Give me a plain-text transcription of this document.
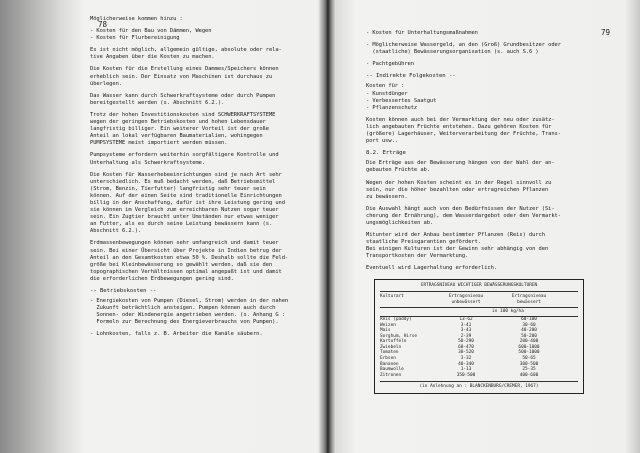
78
Möglicherweise kommen hinzu :
- Kosten für den Bau von Dämmen, Wegen
- Kosten für Flurbereinigung
Es ist nicht möglich, allgemein gültige, absolute oder rela-
tive Angaben über die Kosten zu machen.
Die Kosten für die Erstellung eines Dammes/Speichers können
erheblich sein. Der Einsatz von Maschinen ist durchaus zu
überlegen.
Das Wasser kann durch Schwerkraftsysteme oder durch Pumpen
bereitgestellt werden (s. Abschnitt 6.2.).
Trotz der hohen Investitionskosten sind SCHWERKRAFTSYSTEME
wegen der geringen Betriebskosten und hohen Lebensdauer
langfristig billiger. Ein weiterer Vorteil ist der große
Anteil an lokal verfügbaren Baumaterialien, wohingegen
PUMPSYSTEME meist importiert werden müssen.
Pumpsysteme erfordern weiterhin sorgfältigere Kontrolle und
Unterhaltung als Schwerkraftsysteme.
Die Kosten für Wasserhebeeinrichtungen sind je nach Art sehr
unterschiedlich. Es muß bedacht werden, daß Betriebsmittel
(Strom, Benzin, Tierfutter) langfristig sehr teuer sein
können. Auf der einen Seite sind traditionelle Einrichtungen
billig in der Anschaffung, dafür ist ihre Leistung gering und
sie können im Vergleich zum erreichbaren Nutzen sogar teuer
sein. Ein Zugtier braucht unter Umständen nur etwas weniger
an Futter, als es durch seine Leistung bewässern kann (s.
Abschnitt 6.2.).
Erdmassenbewegungen können sehr umfangreich und damit teuer
sein. Bei einer Übersicht über Projekte in Indien betrug der
Anteil an den Gesamtkosten etwa 50 %. Deshalb sollte die Feld-
größe bei Kleinbewässerung so gewählt werden, daß sie den
topographischen Verhältnissen optimal angepaßt ist und damit
die erforderlichen Erdbewegungen gering sind.
-- Betriebskosten --
- Energiekosten von Pumpen (Diesel, Strom) werden in der nahen
Zukunft beträchtlich ansteigen. Pumpen können auch durch
Sonnen- oder Windenergie angetrieben werden. (s. Anhang G :
Formeln zur Berechnung des Energieverbrauchs von Pumpen).
- Lohnkosten, falls z. B. Arbeiter die Kanäle säubern.
79
- Kosten für Unterhaltungsmaßnahmen
- Möglicherweise Wassergeld, an den (Groß) Grundbesitzer oder
(staatliche) Bewässerungsorganisation (s. auch S.6 )
- Pachtgebühren
-- Indirekte Folgekosten --
Kosten für :
- Kunstdünger
- Verbessertes Saatgut
- Pflanzenschutz
Kosten können auch bei der Vermarktung der neu oder zusätz-
lich angebauten Früchte entstehen. Dazu gehören Kosten für
(größere) Lagerhäuser, Weiterverarbeitung der Früchte, Trans-
port usw..
8.2. Erträge
Die Erträge aus der Bewässerung hängen von der Wahl der an-
gebauten Früchte ab.
Wegen der hohen Kosten scheint es in der Regel sinnvoll zu
sein, nur die höher bezahlten oder ertragreichen Pflanzen
zu bewässern.
Die Auswahl hängt auch von den Bedürfnissen der Nutzer (Si-
cherung der Ernährung), dem Wasserdargebot oder den Vermarkt-
ungsmöglichkeiten ab.
Mitunter wird der Anbau bestimmter Pflanzen (Reis) durch
staatliche Preisgarantien gefördert.
Bei einigen Kulturen ist der Gewinn sehr abhängig von den
Transportkosten der Vermarktung.
Eventuell wird Lagerhaltung erforderlich.
ERTRAGSNIVEAU WICHTIGER BEWÄSSERUNGSKULTUREN
Kulturart	Ertragsniveau
unbewässert
Ertragsniveau
bewässert
in 100 kg/ha
Reis (paddy)	13-62	60-100
Weizen	3-41	30-60
Mais	3-43	40-200
Sorghum, Hirse	2-39	50-200
Kartoffeln	50-290	200-400
Zwiebeln	60-470	600-1000
Tomaten	30-520	500-1000
Erbsen	3-32	50-65
Bananen	40-340	300-500
Baumwolle	1-13	25-35
Zitronen	350-500	400-600
(in Anlehnung an : BLANCKENBURG/CREMER, 1967)
